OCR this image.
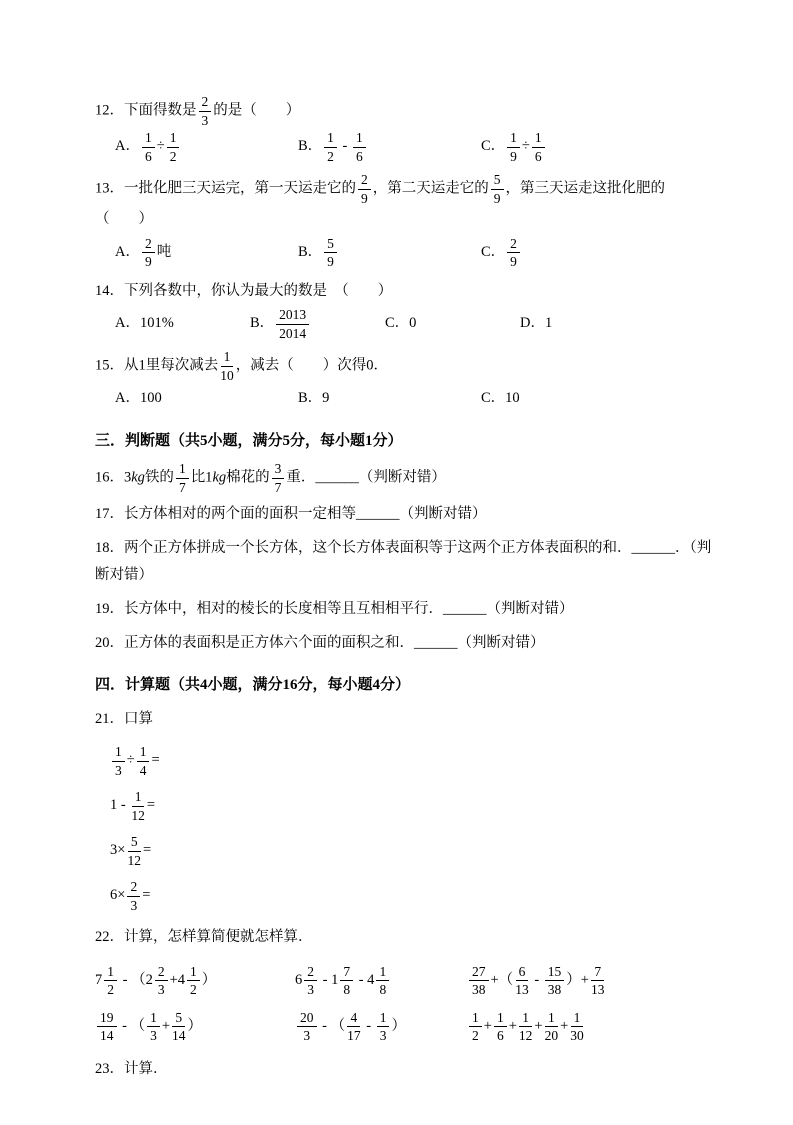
12．下面得数是 $\frac{2}{3}$ 的是（　　）
A． $\frac{1}{6} \div \frac{1}{2}$	B． $\frac{1}{2} - \frac{1}{6}$	C． $\frac{1}{9} \div \frac{1}{6}$
13．一批化肥三天运完，第一天运走它的 $\frac{2}{9}$ ，第二天运走它的 $\frac{5}{9}$ ，第三天运走这批化肥的（　　）
A． $\frac{2}{9}$ 吨	B． $\frac{5}{9}$	C． $\frac{2}{9}$
14．下列各数中，你认为最大的数是　（　　）
A．101%	B． $\frac{2013}{2014}$	C．0	D．1
15．从1里每次减去 $\frac{1}{10}$ ，减去（　　）次得0．
A．100	B．9	C．10
三．判断题（共5小题，满分5分，每小题1分）
16．3kg铁的 $\frac{1}{7}$ 比1kg棉花的 $\frac{3}{7}$ 重．______（判断对错）
17．长方体相对的两个面的面积一定相等______（判断对错）
18．两个正方体拼成一个长方体，这个长方体表面积等于这两个正方体表面积的和．______．（判断对错）
19．长方体中，相对的棱长的长度相等且互相相平行．______（判断对错）
20．正方体的表面积是正方体六个面的面积之和．______（判断对错）
四．计算题（共4小题，满分16分，每小题4分）
21．口算
$\frac{1}{3} \div \frac{1}{4}$ =
$1 - \frac{1}{12}$ =
$3\times \frac{5}{12}$ =
$6\times \frac{2}{3}$ =
22．计算，怎样算简便就怎样算．
$7 \frac{1}{2} - (2 \frac{2}{3} +4 \frac{1}{2}$ ）	$6 \frac{2}{3} - 1 \frac{7}{8} - 4 \frac{1}{8}$	$\frac{27}{38}$ +（ $\frac{6}{13} - \frac{15}{38}$ ）+ $\frac{7}{13}$
$\frac{19}{14}$ - （ $\frac{1}{3} + \frac{5}{14}$ ）	$\frac{20}{3}$ - （ $\frac{4}{17} - \frac{1}{3}$ ）	$\frac{1}{2} + \frac{1}{6} + \frac{1}{12} + \frac{1}{20} + \frac{1}{30}$
23．计算．
